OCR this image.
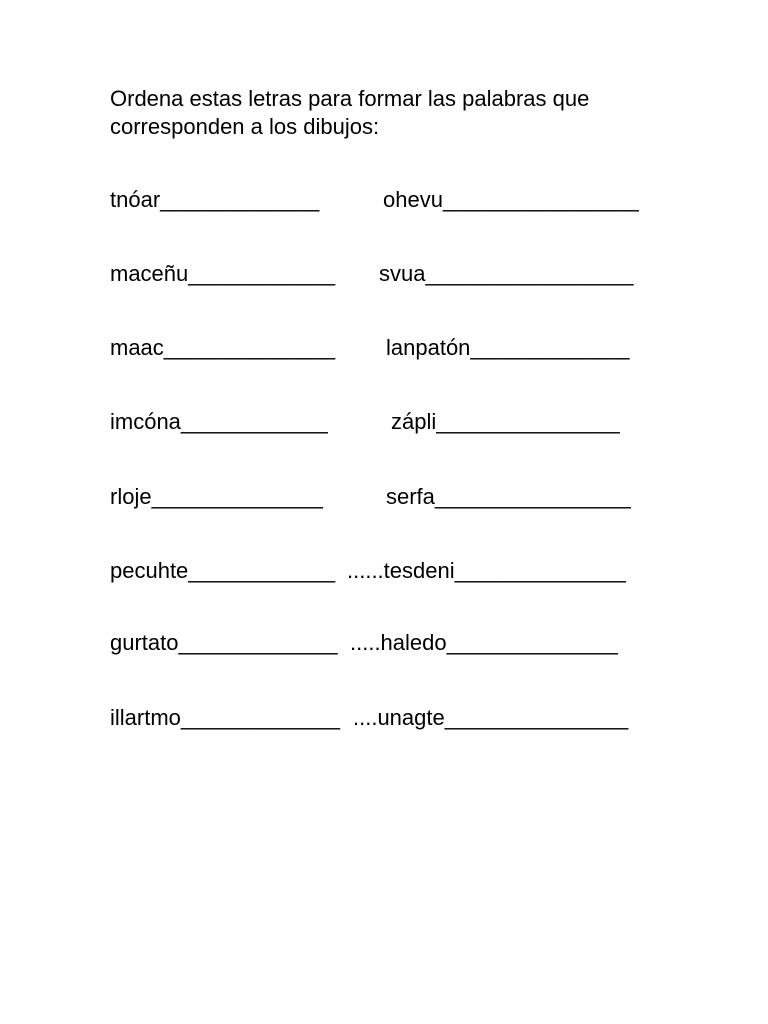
Ordena estas letras para formar las palabras que
corresponden a los dibujos:
tnóar_____________	ohevu________________
maceñu____________ svua_________________
maac______________ lanpatón_____________
imcóna____________	zápli_______________
rloje______________	serfa________________
pecuhte____________ ......tesdeni______________
gurtato_____________ .....haledo______________
illartmo_____________ ....unagte_______________
